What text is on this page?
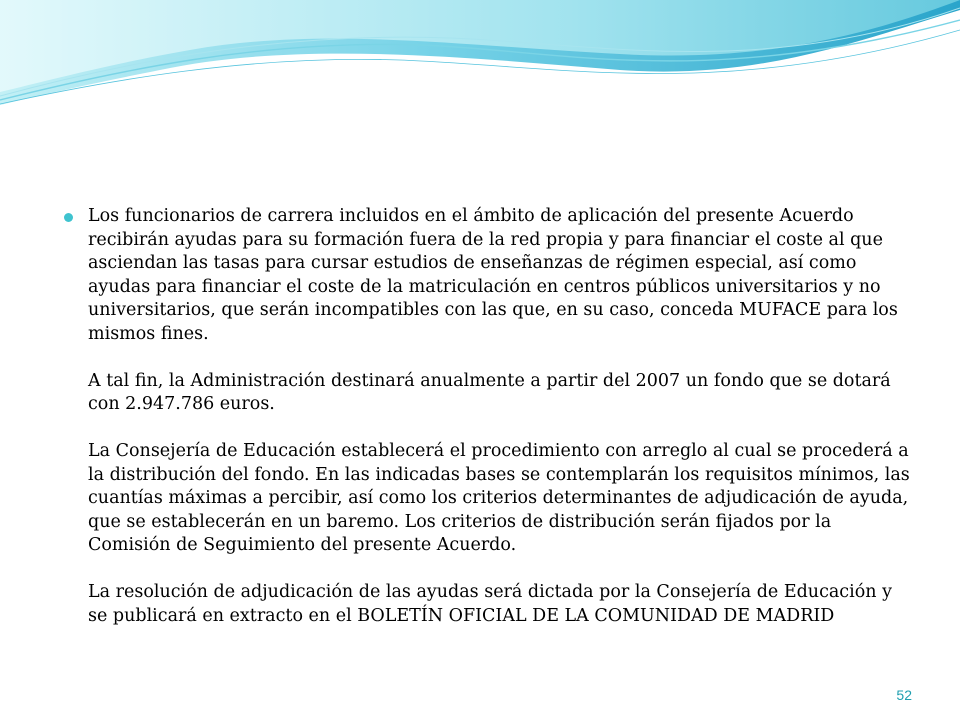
Los funcionarios de carrera incluidos en el ámbito de aplicación del presente Acuerdo recibirán ayudas para su formación fuera de la red propia y para financiar el coste al que asciendan las tasas para cursar estudios de enseñanzas de régimen especial, así como ayudas para financiar el coste de la matriculación en centros públicos universitarios y no universitarios, que serán incompatibles con las que, en su caso, conceda MUFACE para los mismos fines.

A tal fin, la Administración destinará anualmente a partir del 2007 un fondo que se dotará con 2.947.786 euros.

La Consejería de Educación establecerá el procedimiento con arreglo al cual se procederá a la distribución del fondo. En las indicadas bases se contemplarán los requisitos mínimos, las cuantías máximas a percibir, así como los criterios determinantes de adjudicación de ayuda, que se establecerán en un baremo. Los criterios de distribución serán fijados por la Comisión de Seguimiento del presente Acuerdo.

La resolución de adjudicación de las ayudas será dictada por la Consejería de Educación y se publicará en extracto en el BOLETÍN OFICIAL DE LA COMUNIDAD DE MADRID

52
